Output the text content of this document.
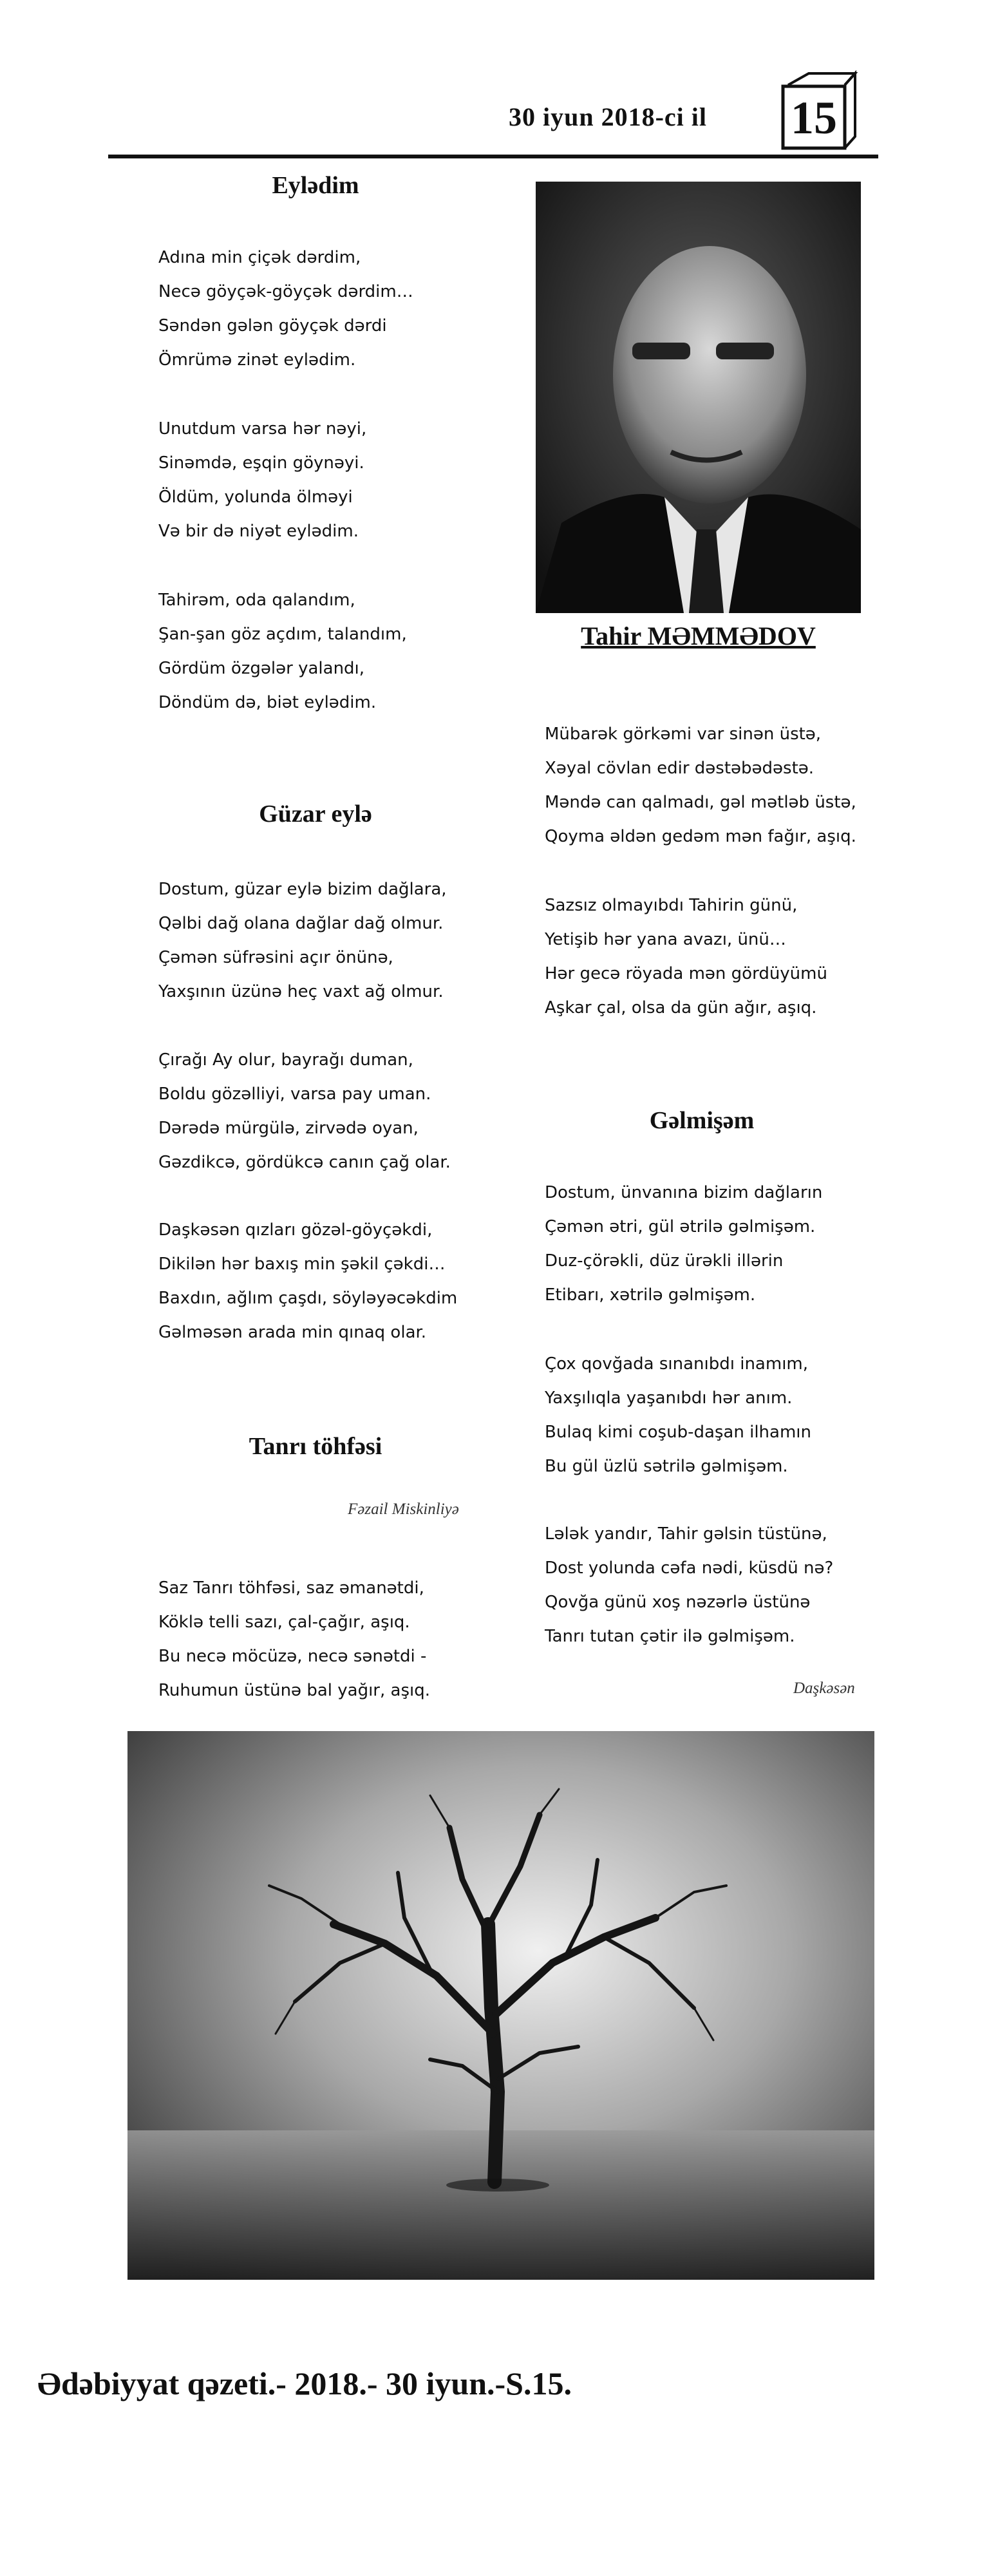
30 iyun 2018-ci il 15
Eylədim
Adına min çiçək dərdim,
Necə göyçək-göyçək dərdim…
Səndən gələn göyçək dərdi
Ömrümə zinət eylədim.
Unutdum varsa hər nəyi,
Sinəmdə, eşqin göynəyi.
Öldüm, yolunda ölməyi
Və bir də niyət eylədim.
Tahirəm, oda qalandım,
Şan-şan göz açdım, talandım,
Gördüm özgələr yalandı,
Döndüm də, biət eylədim.
Güzar eylə
Dostum, güzar eylə bizim dağlara,
Qəlbi dağ olana dağlar dağ olmur.
Çəmən süfrəsini açır önünə,
Yaxşının üzünə heç vaxt ağ olmur.
Çırağı Ay olur, bayrağı duman,
Boldu gözəlliyi, varsa pay uman.
Dərədə mürgülə, zirvədə oyan,
Gəzdikcə, gördükcə canın çağ olar.
Daşkəsən qızları gözəl-göyçəkdi,
Dikilən hər baxış min şəkil çəkdi…
Baxdın, ağlım çaşdı, söyləyəcəkdim
Gəlməsən arada min qınaq olar.
Tanrı töhfəsi
Fəzail Miskinliyə
Saz Tanrı töhfəsi, saz əmanətdi,
Köklə telli sazı, çal-çağır, aşıq.
Bu necə möcüzə, necə sənətdi -
Ruhumun üstünə bal yağır, aşıq.
Tahir MƏMMƏDOV
Mübarək görkəmi var sinən üstə,
Xəyal cövlan edir dəstəbədəstə.
Məndə can qalmadı, gəl mətləb üstə,
Qoyma əldən gedəm mən fağır, aşıq.
Sazsız olmayıbdı Tahirin günü,
Yetişib hər yana avazı, ünü…
Hər gecə röyada mən gördüyümü
Aşkar çal, olsa da gün ağır, aşıq.
Gəlmişəm
Dostum, ünvanına bizim dağların
Çəmən ətri, gül ətrilə gəlmişəm.
Duz-çörəkli, düz ürəkli illərin
Etibarı, xətrilə gəlmişəm.
Çox qovğada sınanıbdı inamım,
Yaxşılıqla yaşanıbdı hər anım.
Bulaq kimi coşub-daşan ilhamın
Bu gül üzlü sətrilə gəlmişəm.
Lələk yandır, Tahir gəlsin tüstünə,
Dost yolunda cəfa nədi, küsdü nə?
Qovğa günü xoş nəzərlə üstünə
Tanrı tutan çətir ilə gəlmişəm.
Daşkəsən
Ədəbiyyat qəzeti.- 2018.- 30 iyun.-S.15.
